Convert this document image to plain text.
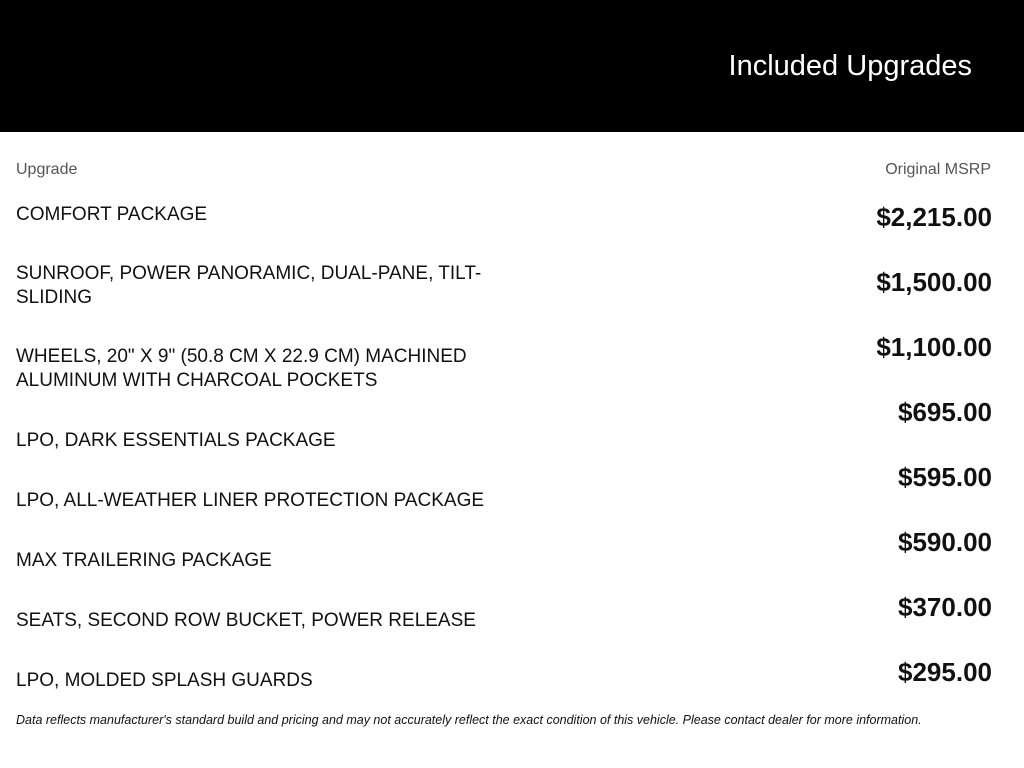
Included Upgrades
Upgrade	Original MSRP
COMFORT PACKAGE
SUNROOF, POWER PANORAMIC, DUAL-PANE, TILT-SLIDING
WHEELS, 20" X 9" (50.8 CM X 22.9 CM) MACHINED ALUMINUM WITH CHARCOAL POCKETS
LPO, DARK ESSENTIALS PACKAGE
LPO, ALL-WEATHER LINER PROTECTION PACKAGE
MAX TRAILERING PACKAGE
SEATS, SECOND ROW BUCKET, POWER RELEASE
LPO, MOLDED SPLASH GUARDS
$2,215.00
$1,500.00
$1,100.00
$695.00
$595.00
$590.00
$370.00
$295.00
Data reflects manufacturer's standard build and pricing and may not accurately reflect the exact condition of this vehicle. Please contact dealer for more information.
